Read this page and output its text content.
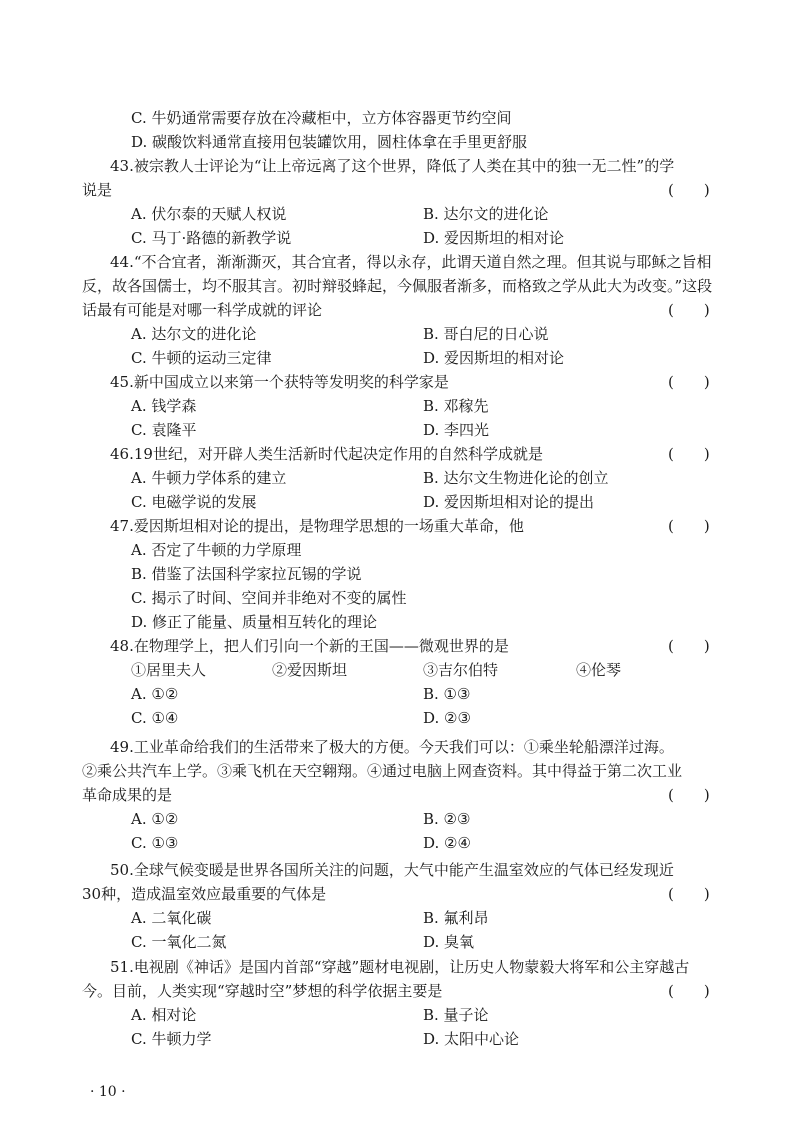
C. 牛奶通常需要存放在冷藏柜中，立方体容器更节约空间
D. 碳酸饮料通常直接用包装罐饮用，圆柱体拿在手里更舒服
43.被宗教人士评论为“让上帝远离了这个世界，降低了人类在其中的独一无二性”的学
说是	(　　)
A. 伏尔泰的天赋人权说	B. 达尔文的进化论
C. 马丁·路德的新教学说	D. 爱因斯坦的相对论
44.“不合宜者，渐渐澌灭，其合宜者，得以永存，此谓天道自然之理。但其说与耶稣之旨相
反，故各国儒士，均不服其言。初时辩驳蜂起，今佩服者渐多，而格致之学从此大为改变。”这段
话最有可能是对哪一科学成就的评论	(　　)
A. 达尔文的进化论	B. 哥白尼的日心说
C. 牛顿的运动三定律	D. 爱因斯坦的相对论
45.新中国成立以来第一个获特等发明奖的科学家是	(　　)
A. 钱学森	B. 邓稼先
C. 袁隆平	D. 李四光
46.19世纪，对开辟人类生活新时代起决定作用的自然科学成就是	(　　)
A. 牛顿力学体系的建立	B. 达尔文生物进化论的创立
C. 电磁学说的发展	D. 爱因斯坦相对论的提出
47.爱因斯坦相对论的提出，是物理学思想的一场重大革命，他	(　　)
A. 否定了牛顿的力学原理
B. 借鉴了法国科学家拉瓦锡的学说
C. 揭示了时间、空间并非绝对不变的属性
D. 修正了能量、质量相互转化的理论
48.在物理学上，把人们引向一个新的王国——微观世界的是	(　　)
①居里夫人	②爱因斯坦	③吉尔伯特	④伦琴
A. ①②	B. ①③
C. ①④	D. ②③
49.工业革命给我们的生活带来了极大的方便。今天我们可以：①乘坐轮船漂洋过海。
②乘公共汽车上学。③乘飞机在天空翱翔。④通过电脑上网查资料。其中得益于第二次工业
革命成果的是	(　　)
A. ①②	B. ②③
C. ①③	D. ②④
50.全球气候变暖是世界各国所关注的问题，大气中能产生温室效应的气体已经发现近
30种，造成温室效应最重要的气体是	(　　)
A. 二氧化碳	B. 氟利昂
C. 一氧化二氮	D. 臭氧
51.电视剧《神话》是国内首部“穿越”题材电视剧，让历史人物蒙毅大将军和公主穿越古
今。目前，人类实现“穿越时空”梦想的科学依据主要是	(　　)
A. 相对论	B. 量子论
C. 牛顿力学	D. 太阳中心论
· 10 ·
